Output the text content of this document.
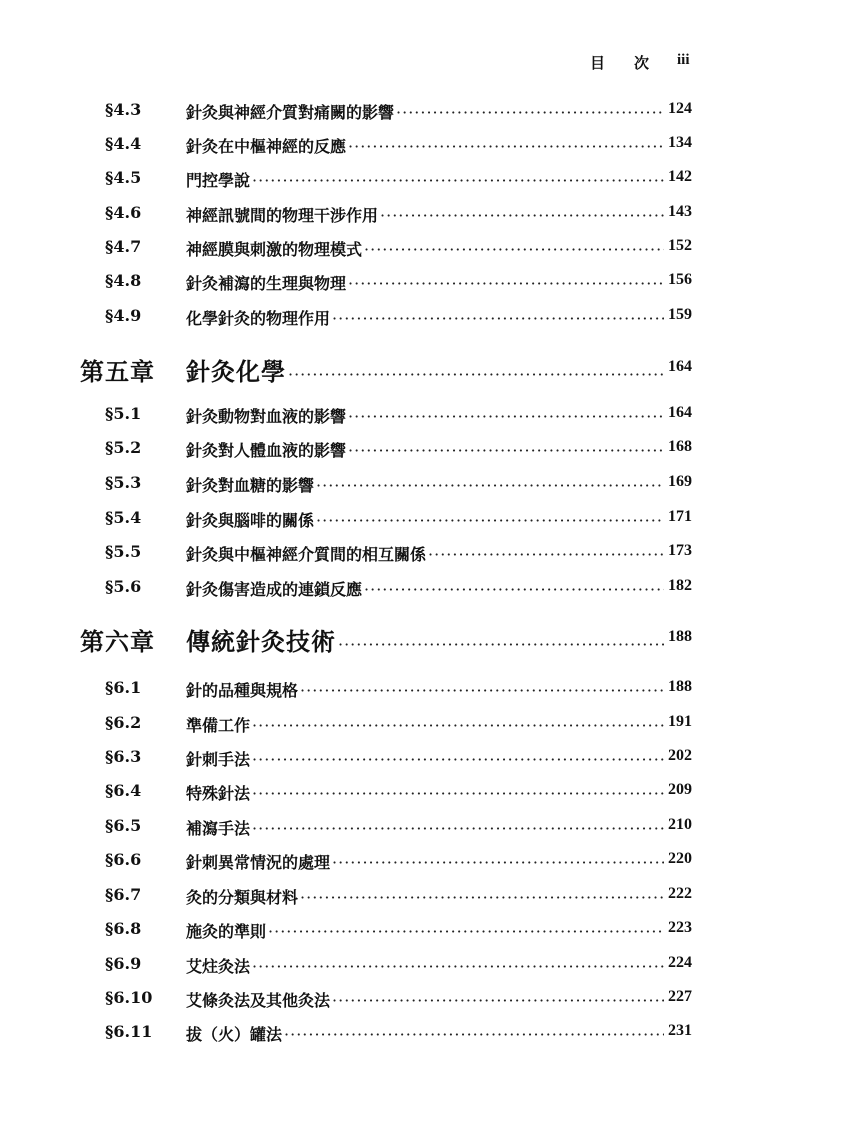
目 次 iii
§4.3	針灸與神經介質對痛闕的影響 ·····	124
§4.4	針灸在中樞神經的反應 ·····	134
§4.5	門控學說 ·····	142
§4.6	神經訊號間的物理干涉作用 ·····	143
§4.7	神經膜與刺激的物理模式 ·····	152
§4.8	針灸補瀉的生理與物理 ·····	156
§4.9	化學針灸的物理作用 ·····	159
第五章 針灸化學 ·····	164
§5.1	針灸動物對血液的影響 ·····	164
§5.2	針灸對人體血液的影響 ·····	168
§5.3	針灸對血糖的影響 ·····	169
§5.4	針灸與腦啡的關係 ·····	171
§5.5	針灸與中樞神經介質間的相互關係 ·····	173
§5.6	針灸傷害造成的連鎖反應 ·····	182
第六章 傳統針灸技術 ·····	188
§6.1	針的品種與規格 ·····	188
§6.2	準備工作 ·····	191
§6.3	針刺手法 ·····	202
§6.4	特殊針法 ·····	209
§6.5	補瀉手法 ·····	210
§6.6	針刺異常情況的處理 ·····	220
§6.7	灸的分類與材料 ·····	222
§6.8	施灸的準則 ·····	223
§6.9	艾炷灸法 ·····	224
§6.10 艾條灸法及其他灸法 ·····	227
§6.11 拔（火）罐法 ·····	231
